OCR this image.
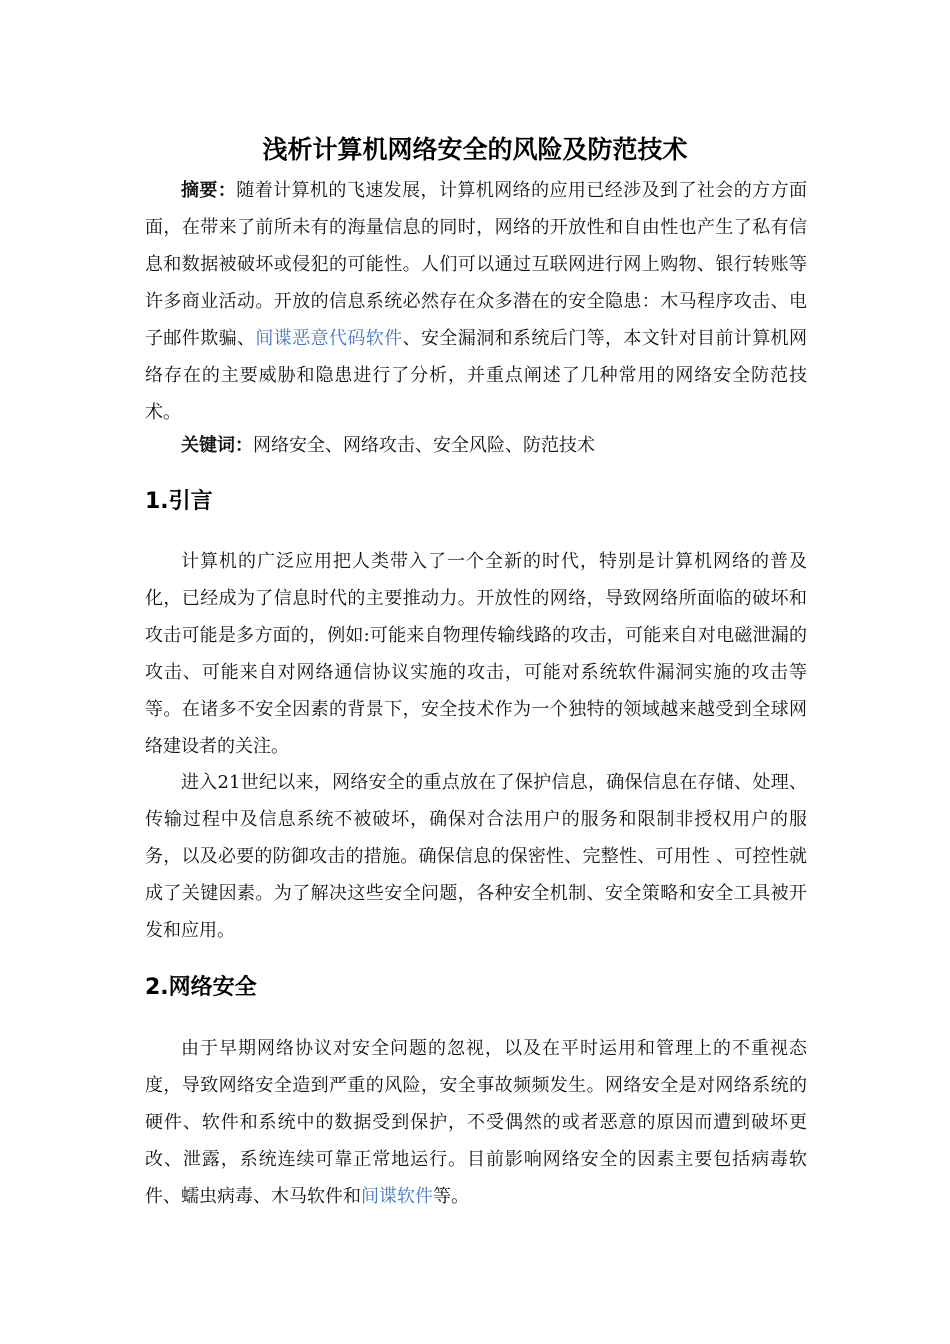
浅析计算机网络安全的风险及防范技术

摘要：随着计算机的飞速发展，计算机网络的应用已经涉及到了社会的方方面面，在带来了前所未有的海量信息的同时，网络的开放性和自由性也产生了私有信息和数据被破坏或侵犯的可能性。人们可以通过互联网进行网上购物、银行转账等许多商业活动。开放的信息系统必然存在众多潜在的安全隐患：木马程序攻击、电子邮件欺骗、间谍恶意代码软件、安全漏洞和系统后门等，本文针对目前计算机网络存在的主要威胁和隐患进行了分析，并重点阐述了几种常用的网络安全防范技术。

关键词：网络安全、网络攻击、安全风险、防范技术

1.引言

计算机的广泛应用把人类带入了一个全新的时代，特别是计算机网络的普及化，已经成为了信息时代的主要推动力。开放性的网络，导致网络所面临的破坏和攻击可能是多方面的，例如:可能来自物理传输线路的攻击，可能来自对电磁泄漏的攻击、可能来自对网络通信协议实施的攻击，可能对系统软件漏洞实施的攻击等等。在诸多不安全因素的背景下，安全技术作为一个独特的领域越来越受到全球网络建设者的关注。

进入21世纪以来，网络安全的重点放在了保护信息，确保信息在存储、处理、传输过程中及信息系统不被破坏，确保对合法用户的服务和限制非授权用户的服务，以及必要的防御攻击的措施。确保信息的保密性、完整性、可用性 、可控性就成了关键因素。为了解决这些安全问题，各种安全机制、安全策略和安全工具被开发和应用。

2.网络安全

由于早期网络协议对安全问题的忽视，以及在平时运用和管理上的不重视态度，导致网络安全造到严重的风险，安全事故频频发生。网络安全是对网络系统的硬件、软件和系统中的数据受到保护，不受偶然的或者恶意的原因而遭到破坏更改、泄露，系统连续可靠正常地运行。目前影响网络安全的因素主要包括病毒软件、蠕虫病毒、木马软件和间谍软件等。
